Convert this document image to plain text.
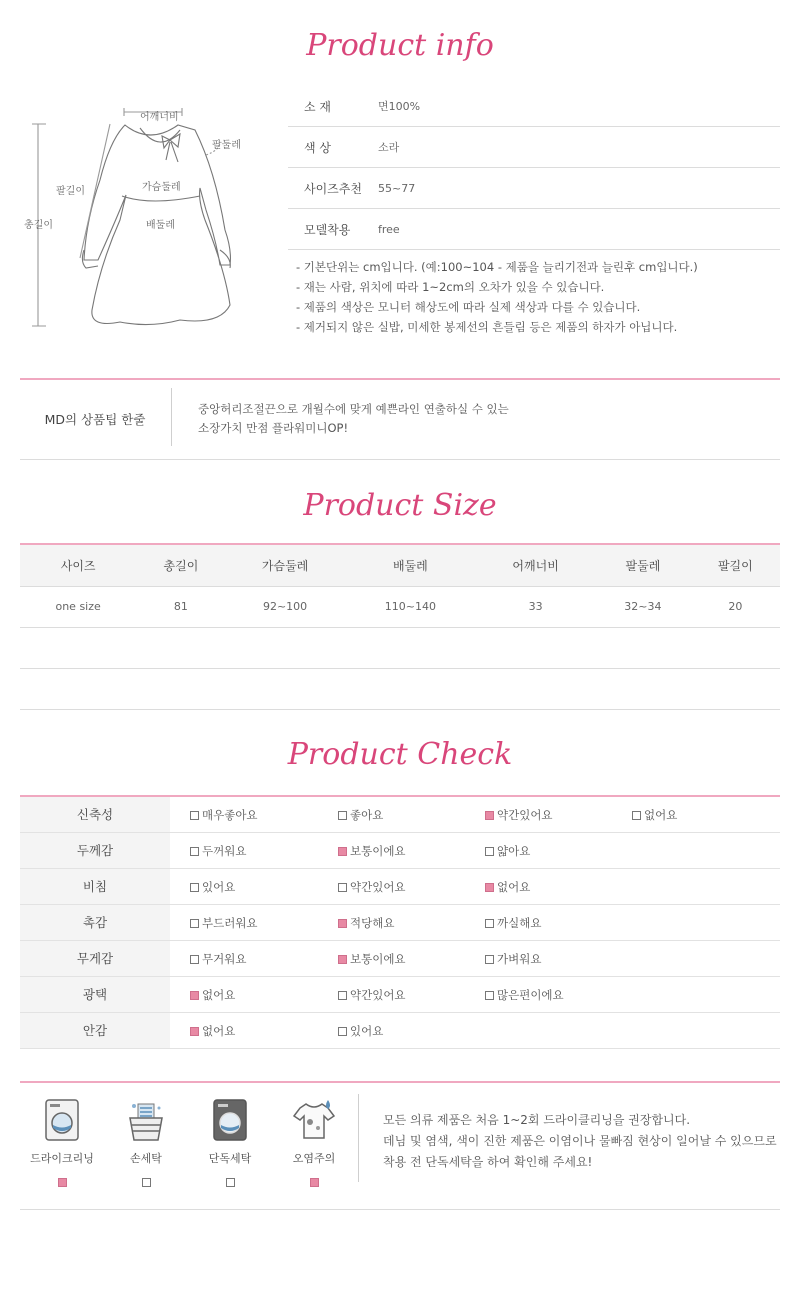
Product info
어깨너비
팔둘레
팔길이
총길이
가슴둘레
배둘레
소 재	면100%
색 상	소라
사이즈추천	55~77
모델착용	free
- 기본단위는 cm입니다. (예:100~104 - 제품을 늘리기전과 늘린후 cm입니다.)
- 재는 사람, 위치에 따라 1~2cm의 오차가 있을 수 있습니다.
- 제품의 색상은 모니터 해상도에 따라 실제 색상과 다를 수 있습니다.
- 제거되지 않은 실밥, 미세한 봉제선의 흔들림 등은 제품의 하자가 아닙니다.
MD의 상품팁 한줄
중앙허리조절끈으로 개월수에 맞게 예쁜라인 연출하실 수 있는
소장가치 만점 플라워미니OP!
Product Size
사이즈	총길이	가슴둘레	배둘레	어깨너비	팔둘레	팔길이
one size	81	92~100	110~140	33	32~34	20

Product Check
신축성	매우좋아요	좋아요	약간있어요	없어요
두께감	두꺼워요	보통이에요	얇아요
비침	있어요	약간있어요	없어요
촉감	부드러워요	적당해요	까실해요
무게감	무거워요	보통이에요	가벼워요
광택	없어요	약간있어요	많은편이에요
안감	없어요	있어요
드라이크리닝	손세탁	단독세탁	오염주의
모든 의류 제품은 처음 1~2회 드라이클리닝을 권장합니다.
데님 및 염색, 색이 진한 제품은 이염이나 물빠짐 현상이 일어날 수 있으므로
착용 전 단독세탁을 하여 확인해 주세요!
